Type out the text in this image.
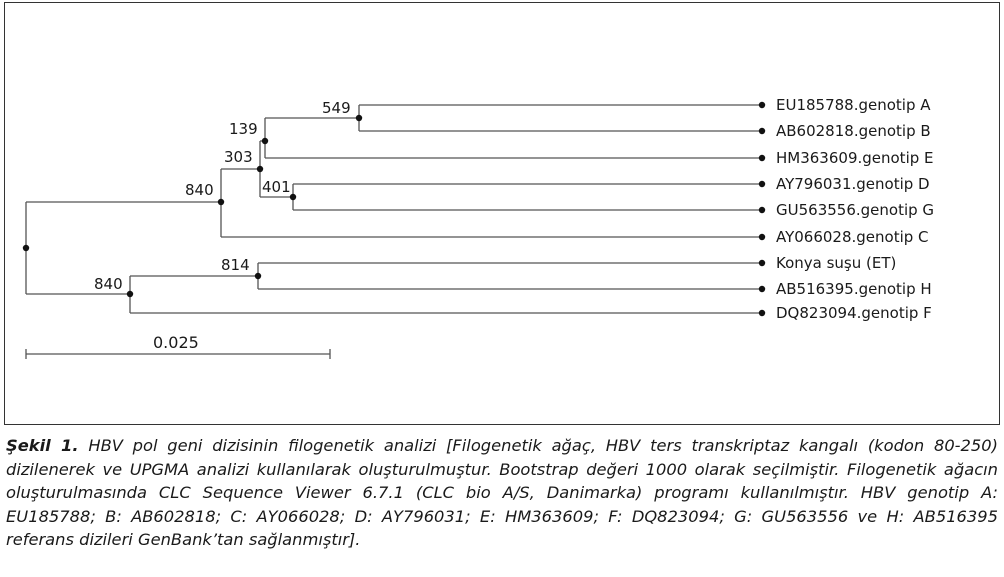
EU185788.genotip A
AB602818.genotip B
HM363609.genotip E
AY796031.genotip D
GU563556.genotip G
AY066028.genotip C
Konya suşu (ET)
AB516395.genotip H
DQ823094.genotip F
549
139
303
401
840
814
840
0.025

Şekil 1. HBV pol geni dizisinin filogenetik analizi [Filogenetik ağaç, HBV ters transkriptaz kangalı (kodon 80-250) dizilenerek ve UPGMA analizi kullanılarak oluşturulmuştur. Bootstrap değeri 1000 olarak seçilmiştir. Filogenetik ağacın oluşturulmasında CLC Sequence Viewer 6.7.1 (CLC bio A/S, Danimarka) programı kullanılmıştır. HBV genotip A: EU185788; B: AB602818; C: AY066028; D: AY796031; E: HM363609; F: DQ823094; G: GU563556 ve H: AB516395 referans dizileri GenBank’tan sağlanmıştır].
